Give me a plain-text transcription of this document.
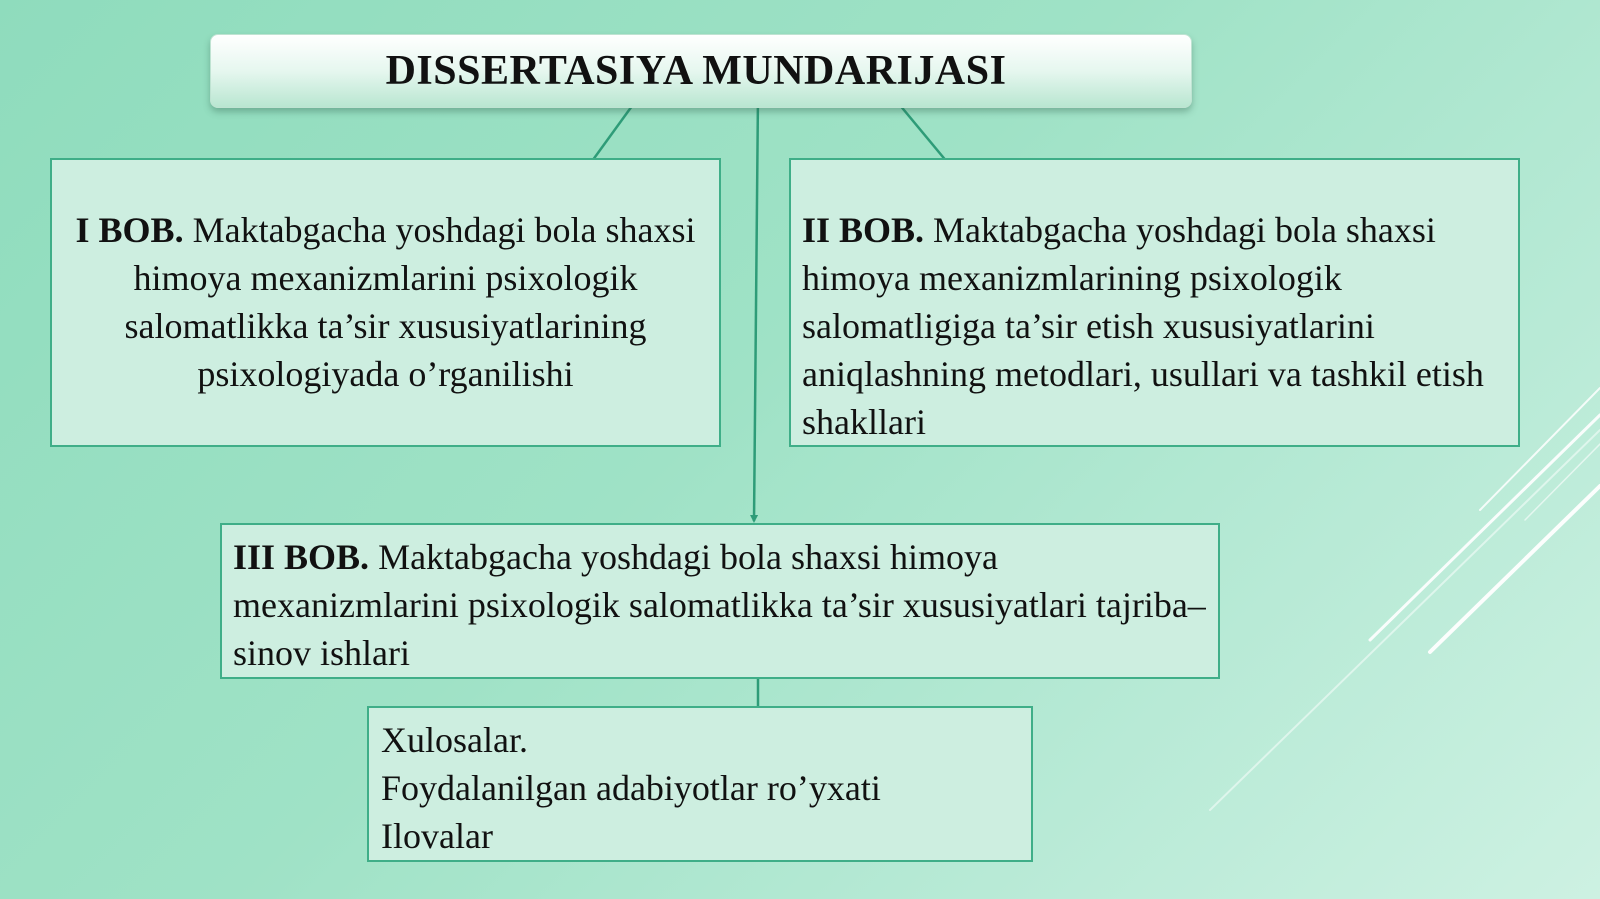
DISSERTASIYA MUNDARIJASI
I BOB. Maktabgacha yoshdagi bola shaxsi himoya mexanizmlarini psixologik salomatlikka ta’sir xususiyatlarining psixologiyada o’rganilishi
II BOB. Maktabgacha yoshdagi bola shaxsi himoya mexanizmlarining psixologik salomatligiga ta’sir etish xususiyatlarini aniqlashning metodlari, usullari va tashkil etish shakllari
III BOB. Maktabgacha yoshdagi bola shaxsi himoya mexanizmlarini psixologik salomatlikka ta’sir xususiyatlari tajriba–sinov ishlari
Xulosalar.
Foydalanilgan adabiyotlar ro’yxati
Ilovalar
